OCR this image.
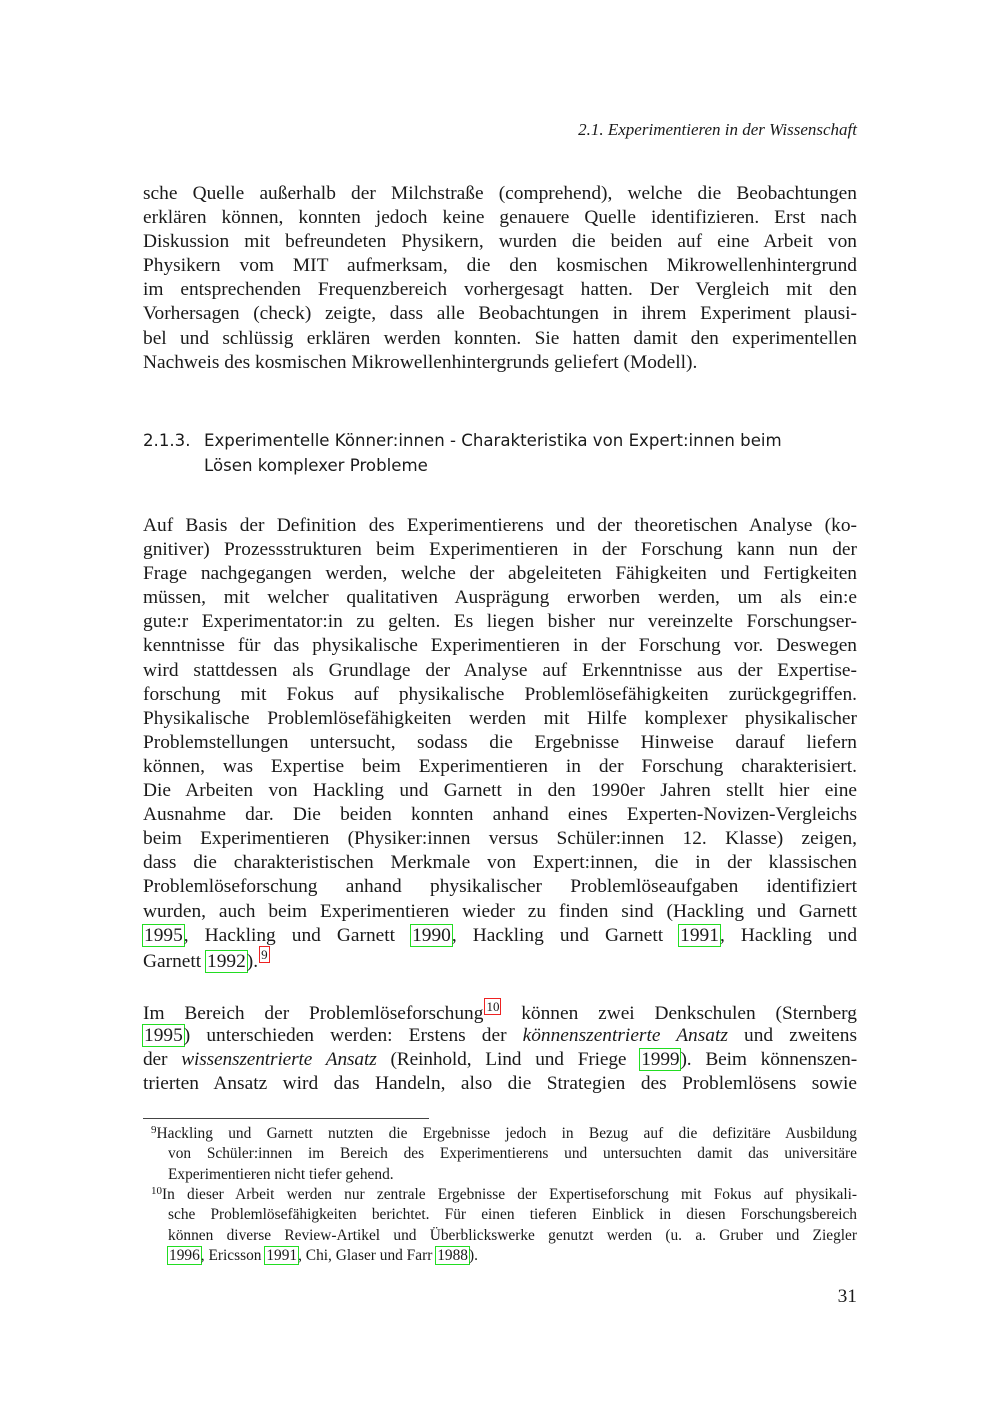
2.1. Experimentieren in der Wissenschaft
sche Quelle außerhalb der Milchstraße (comprehend), welche die Beobachtungen
erklären können, konnten jedoch keine genauere Quelle identifizieren. Erst nach
Diskussion mit befreundeten Physikern, wurden die beiden auf eine Arbeit von
Physikern vom MIT aufmerksam, die den kosmischen Mikrowellenhintergrund
im entsprechenden Frequenzbereich vorhergesagt hatten. Der Vergleich mit den
Vorhersagen (check) zeigte, dass alle Beobachtungen in ihrem Experiment plausi-
bel und schlüssig erklären werden konnten. Sie hatten damit den experimentellen
Nachweis des kosmischen Mikrowellenhintergrunds geliefert (Modell).
2.1.3. Experimentelle Könner:innen - Charakteristika von Expert:innen beim
Lösen komplexer Probleme
Auf Basis der Definition des Experimentierens und der theoretischen Analyse (ko-
gnitiver) Prozessstrukturen beim Experimentieren in der Forschung kann nun der
Frage nachgegangen werden, welche der abgeleiteten Fähigkeiten und Fertigkeiten
müssen, mit welcher qualitativen Ausprägung erworben werden, um als ein:e
gute:r Experimentator:in zu gelten. Es liegen bisher nur vereinzelte Forschungser-
kenntnisse für das physikalische Experimentieren in der Forschung vor. Deswegen
wird stattdessen als Grundlage der Analyse auf Erkenntnisse aus der Expertise-
forschung mit Fokus auf physikalische Problemlösefähigkeiten zurückgegriffen.
Physikalische Problemlösefähigkeiten werden mit Hilfe komplexer physikalischer
Problemstellungen untersucht, sodass die Ergebnisse Hinweise darauf liefern
können, was Expertise beim Experimentieren in der Forschung charakterisiert.
Die Arbeiten von Hackling und Garnett in den 1990er Jahren stellt hier eine
Ausnahme dar. Die beiden konnten anhand eines Experten-Novizen-Vergleichs
beim Experimentieren (Physiker:innen versus Schüler:innen 12. Klasse) zeigen,
dass die charakteristischen Merkmale von Expert:innen, die in der klassischen
Problemlöseforschung anhand physikalischer Problemlöseaufgaben identifiziert
wurden, auch beim Experimentieren wieder zu finden sind (Hackling und Garnett
1995, Hackling und Garnett 1990, Hackling und Garnett 1991, Hackling und
Garnett 1992). $^9$
Im Bereich der Problemlöseforschung $^{10}$ können zwei Denkschulen (Sternberg
1995) unterschieden werden: Erstens der könnenszentrierte Ansatz und zweitens
der wissenszentrierte Ansatz (Reinhold, Lind und Friege 1999). Beim könnenszen-
trierten Ansatz wird das Handeln, also die Strategien des Problemlösens sowie
$^9$Hackling und Garnett nutzten die Ergebnisse jedoch in Bezug auf die defizitäre Ausbildung
von Schüler:innen im Bereich des Experimentierens und untersuchten damit das universitäre
Experimentieren nicht tiefer gehend.
$^{10}$In dieser Arbeit werden nur zentrale Ergebnisse der Expertiseforschung mit Fokus auf physikali-
sche Problemlösefähigkeiten berichtet. Für einen tieferen Einblick in diesen Forschungsbereich
können diverse Review-Artikel und Überblickswerke genutzt werden (u. a. Gruber und Ziegler
1996, Ericsson 1991, Chi, Glaser und Farr 1988).
31
